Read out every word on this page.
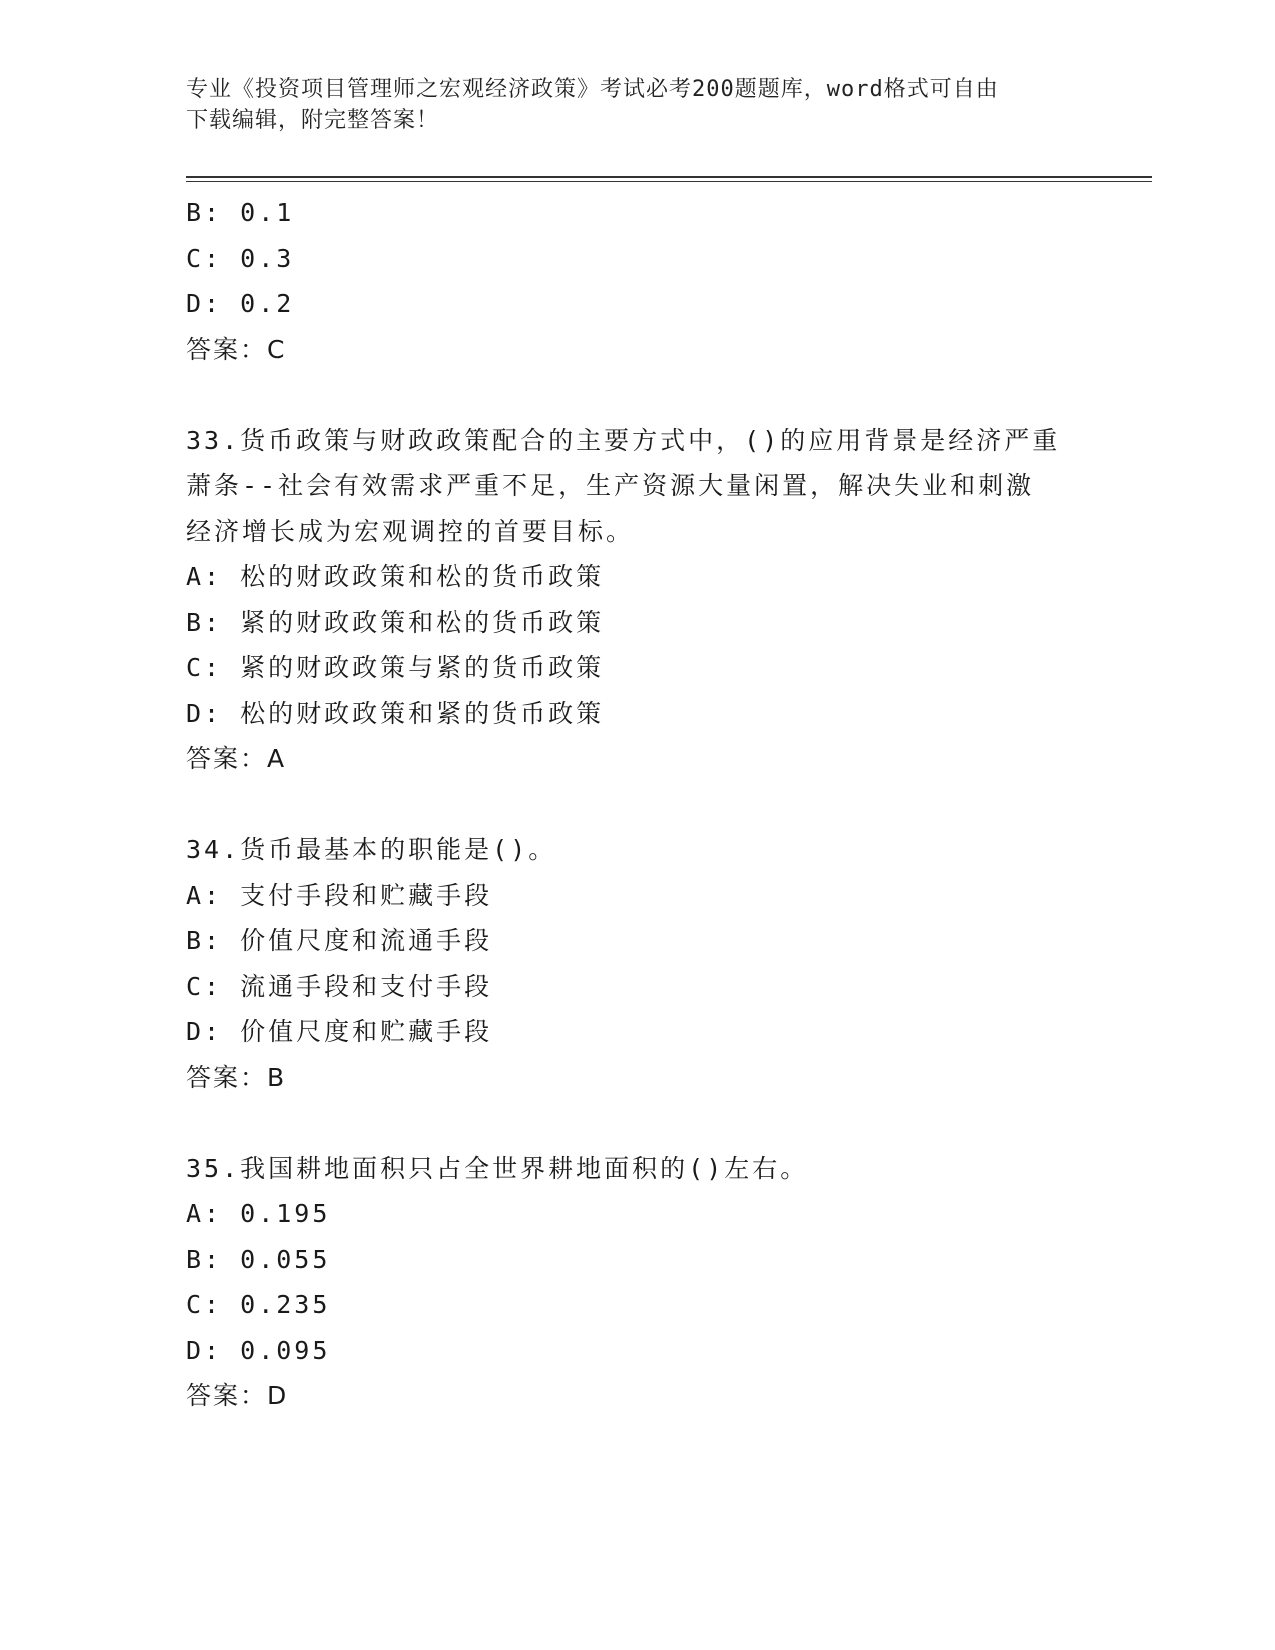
专业《投资项目管理师之宏观经济政策》考试必考200题题库，word格式可自由
下载编辑，附完整答案！
B: 0.1
C: 0.3
D: 0.2
答案：C
33.货币政策与财政政策配合的主要方式中，()的应用背景是经济严重
萧条--社会有效需求严重不足，生产资源大量闲置，解决失业和刺激
经济增长成为宏观调控的首要目标。
A: 松的财政政策和松的货币政策
B: 紧的财政政策和松的货币政策
C: 紧的财政政策与紧的货币政策
D: 松的财政政策和紧的货币政策
答案：A
34.货币最基本的职能是()。
A: 支付手段和贮藏手段
B: 价值尺度和流通手段
C: 流通手段和支付手段
D: 价值尺度和贮藏手段
答案：B
35.我国耕地面积只占全世界耕地面积的()左右。
A: 0.195
B: 0.055
C: 0.235
D: 0.095
答案：D
